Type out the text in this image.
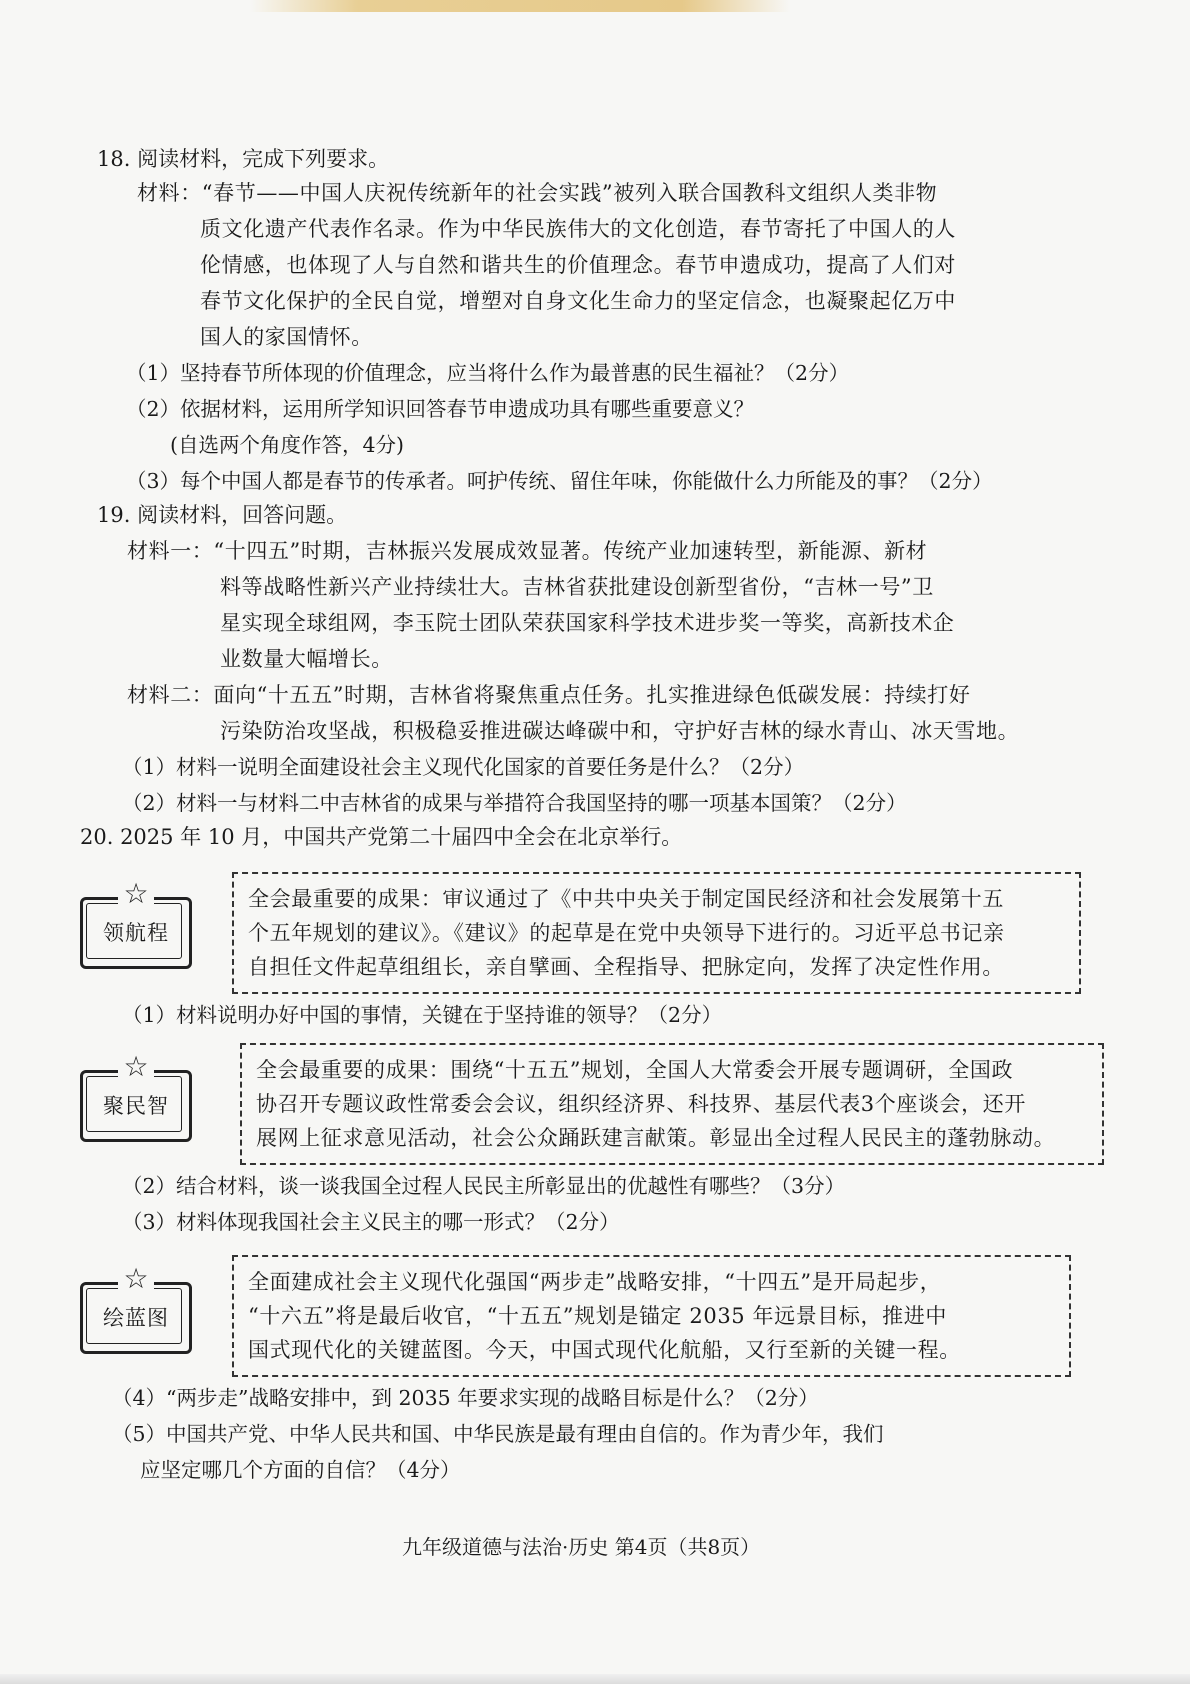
18. 阅读材料，完成下列要求。
材料：“春节——中国人庆祝传统新年的社会实践”被列入联合国教科文组织人类非物
质文化遗产代表作名录。作为中华民族伟大的文化创造，春节寄托了中国人的人
伦情感，也体现了人与自然和谐共生的价值理念。春节申遗成功，提高了人们对
春节文化保护的全民自觉，增塑对自身文化生命力的坚定信念，也凝聚起亿万中
国人的家国情怀。
（1）坚持春节所体现的价值理念，应当将什么作为最普惠的民生福祉？（2分）
（2）依据材料，运用所学知识回答春节申遗成功具有哪些重要意义？
(自选两个角度作答，4分)
（3）每个中国人都是春节的传承者。呵护传统、留住年味，你能做什么力所能及的事？（2分）
19. 阅读材料，回答问题。
材料一：“十四五”时期，吉林振兴发展成效显著。传统产业加速转型，新能源、新材
料等战略性新兴产业持续壮大。吉林省获批建设创新型省份，“吉林一号”卫
星实现全球组网，李玉院士团队荣获国家科学技术进步奖一等奖，高新技术企
业数量大幅增长。
材料二：面向“十五五”时期，吉林省将聚焦重点任务。扎实推进绿色低碳发展：持续打好
污染防治攻坚战，积极稳妥推进碳达峰碳中和，守护好吉林的绿水青山、冰天雪地。
（1）材料一说明全面建设社会主义现代化国家的首要任务是什么？（2分）
（2）材料一与材料二中吉林省的成果与举措符合我国坚持的哪一项基本国策？（2分）
20. 2025 年 10 月，中国共产党第二十届四中全会在北京举行。
☆
领航程
全会最重要的成果：审议通过了《中共中央关于制定国民经济和社会发展第十五
个五年规划的建议》。《建议》的起草是在党中央领导下进行的。习近平总书记亲
自担任文件起草组组长，亲自擘画、全程指导、把脉定向，发挥了决定性作用。
（1）材料说明办好中国的事情，关键在于坚持谁的领导？（2分）
☆
聚民智
全会最重要的成果：围绕“十五五”规划，全国人大常委会开展专题调研，全国政
协召开专题议政性常委会会议，组织经济界、科技界、基层代表3个座谈会，还开
展网上征求意见活动，社会公众踊跃建言献策。彰显出全过程人民民主的蓬勃脉动。
（2）结合材料，谈一谈我国全过程人民民主所彰显出的优越性有哪些？（3分）
（3）材料体现我国社会主义民主的哪一形式？（2分）
☆
绘蓝图
全面建成社会主义现代化强国“两步走”战略安排，“十四五”是开局起步，
“十六五”将是最后收官，“十五五”规划是锚定 2035 年远景目标，推进中
国式现代化的关键蓝图。今天，中国式现代化航船，又行至新的关键一程。
（4）“两步走”战略安排中，到 2035 年要求实现的战略目标是什么？（2分）
（5）中国共产党、中华人民共和国、中华民族是最有理由自信的。作为青少年，我们
应坚定哪几个方面的自信？（4分）
九年级道德与法治·历史 第4页（共8页）
